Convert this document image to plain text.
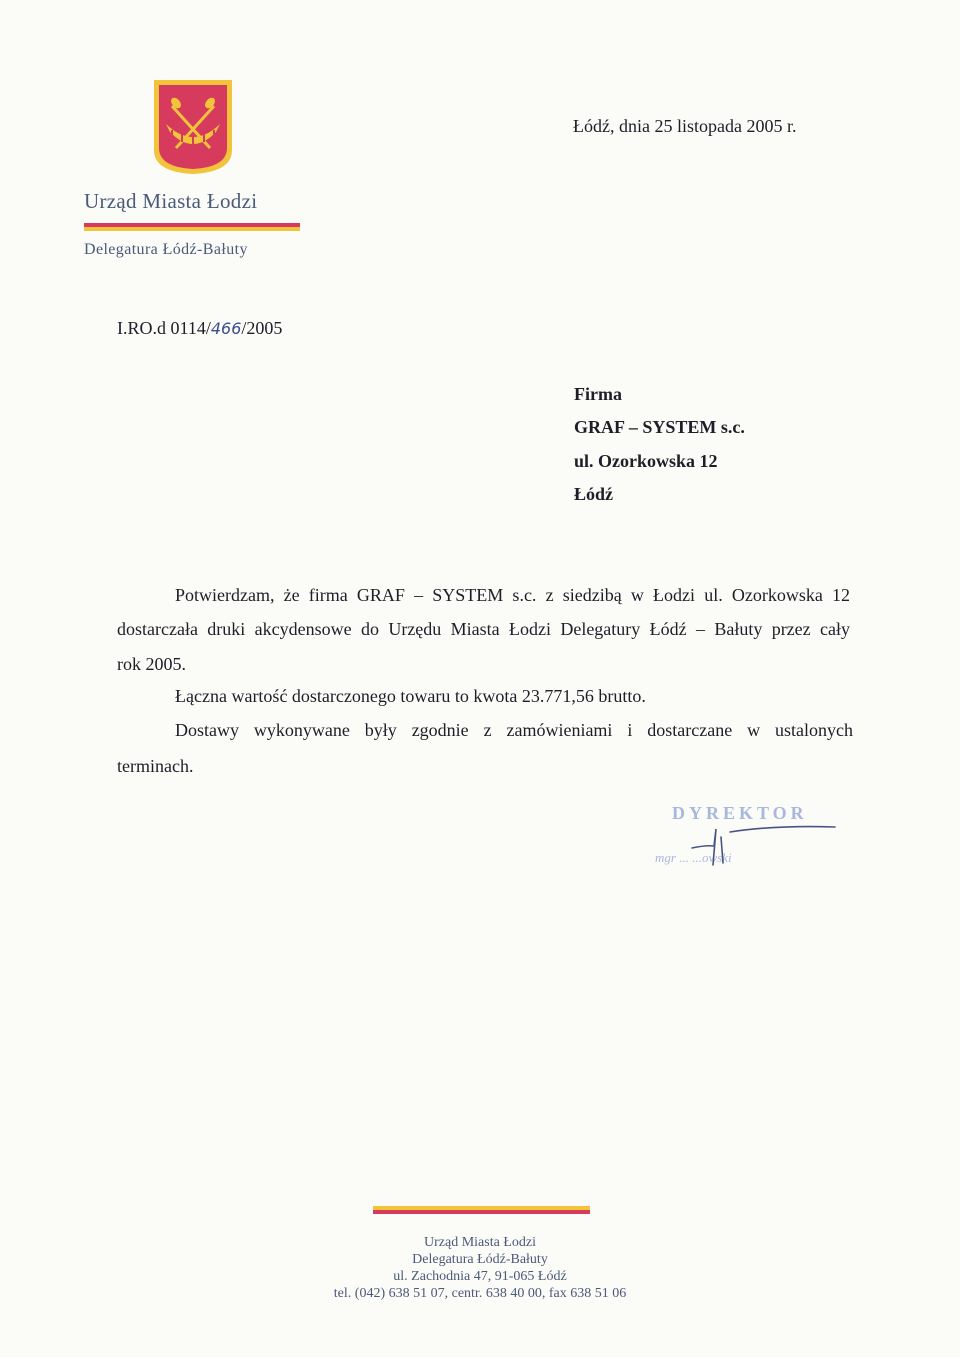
Urząd Miasta Łodzi
Delegatura Łódź-Bałuty
Łódź, dnia 25 listopada 2005 r.
I.RO.d 0114/466/2005
Firma
GRAF – SYSTEM s.c.
ul. Ozorkowska 12
Łódź
Potwierdzam, że firma GRAF – SYSTEM s.c. z siedzibą w Łodzi ul. Ozorkowska 12
dostarczała druki akcydensowe do Urzędu Miasta Łodzi Delegatury Łódź – Bałuty przez cały
rok 2005.
Łączna wartość dostarczonego towaru to kwota 23.771,56 brutto.
Dostawy wykonywane były zgodnie z zamówieniami i dostarczane w ustalonych
terminach.
DYREKTOR
mgr ... ...owski
Urząd Miasta Łodzi
Delegatura Łódź-Bałuty
ul. Zachodnia 47, 91-065 Łódź
tel. (042) 638 51 07, centr. 638 40 00, fax 638 51 06
